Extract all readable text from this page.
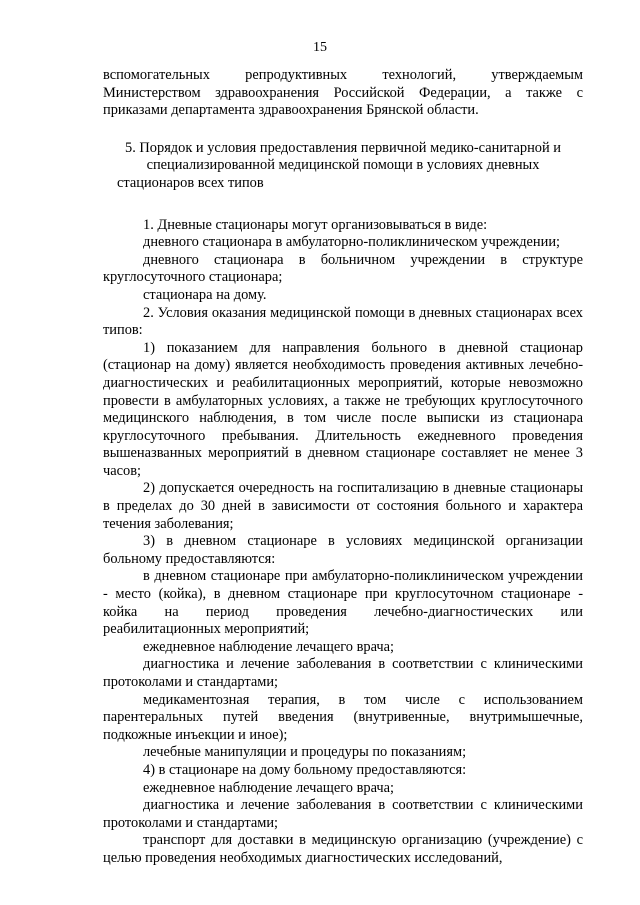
15

вспомогательных репродуктивных технологий, утверждаемым Министерством здравоохранения Российской Федерации, а также с приказами департамента здравоохранения Брянской области.

5. Порядок и условия предоставления первичной медико-санитарной и специализированной медицинской помощи в условиях дневных стационаров всех типов

1. Дневные стационары могут организовываться в виде:

дневного стационара в амбулаторно-поликлиническом учреждении;

дневного стационара в больничном учреждении в структуре круглосуточного стационара;

стационара на дому.

2. Условия оказания медицинской помощи в дневных стационарах всех типов:

1) показанием для направления больного в дневной стационар (стационар на дому) является необходимость проведения активных лечебно-диагностических и реабилитационных мероприятий, которые невозможно провести в амбулаторных условиях, а также не требующих круглосуточного медицинского наблюдения, в том числе после выписки из стационара круглосуточного пребывания. Длительность ежедневного проведения вышеназванных мероприятий в дневном стационаре составляет не менее 3 часов;

2) допускается очередность на госпитализацию в дневные стационары в пределах до 30 дней в зависимости от состояния больного и характера течения заболевания;

3) в дневном стационаре в условиях медицинской организации больному предоставляются:

в дневном стационаре при амбулаторно-поликлиническом учреждении - место (койка), в дневном стационаре при круглосуточном стационаре - койка на период проведения лечебно-диагностических или реабилитационных мероприятий;

ежедневное наблюдение лечащего врача;

диагностика и лечение заболевания в соответствии с клиническими протоколами и стандартами;

медикаментозная терапия, в том числе с использованием парентеральных путей введения (внутривенные, внутримышечные, подкожные инъекции и иное);

лечебные манипуляции и процедуры по показаниям;

4) в стационаре на дому больному предоставляются:

ежедневное наблюдение лечащего врача;

диагностика и лечение заболевания в соответствии с клиническими протоколами и стандартами;

транспорт для доставки в медицинскую организацию (учреждение) с целью проведения необходимых диагностических исследований,
